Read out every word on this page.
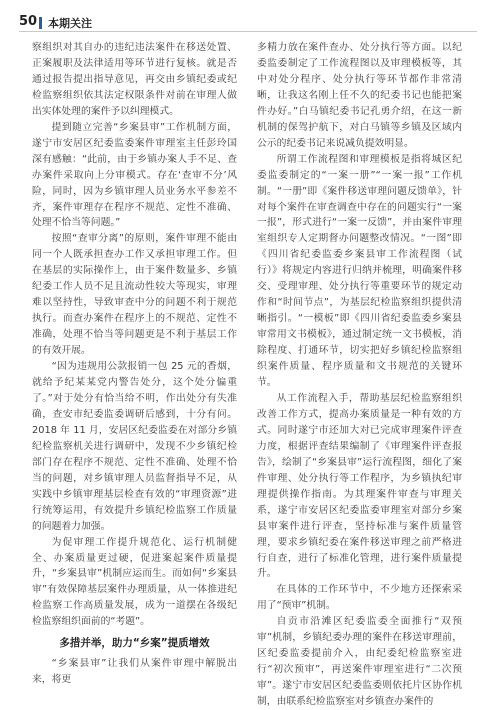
50 本期关注

察组织对其自办的违纪违法案件在移送处置、正案履职及法律适用等环节进行复核。就是否通过报告提出指导意见，再交由乡镇纪委或纪检监察组织依其法定权限条件对前在审理人做出实体处理的案件予以纠理模式。

提到随立完善“乡案县审”工作机制方面，遂宁市安居区纪委监委案件审理室主任彭玲国深有感触：“此前，由于乡镇办案人手不足、查办案件采取向上分审模式。存在‘查审不分’风险，同时，因为乡镇审理人员业务水平参差不齐，案件审理存在程序不规范、定性不准确、处理不恰当等问题。”

按照“查审分离”的原则，案件审理不能由同一个人既承担查办工作又承担审理工作。但在基层的实际操作上，由于案件数量多、乡镇纪委工作人员不足且流动性较大等现实，审理难以坚持性，导致审查中分的问题不利于规范执行。而查办案件在程序上的不规范、定性不准确，处理不恰当等问题更是不利于基层工作的有效开展。

“因为违规用公款报销一包 25 元的香烟，就给予纪某某党内警告处分，这个处分偏重了。”对于处分有恰当给不明，作出处分有失准确，查安市纪委监委调研后感到，十分有问。2018 年 11 月，安居区纪委监委在对部分乡镇纪检监察机关进行调研中，发现不少乡镇纪检部门存在程序不规范、定性不准确、处理不恰当的问题，对乡镇审理人员监督指导不足，从实践中乡镇审理基层检查有效的“审理资源”进行统筹运用，有效提升乡镇纪检监察工作质量的问题着力加强。

为促审理工作提升规范化、运行机制健全、办案质量更过硬，促进案起案件质量提升，“乡案县审”机制应运而生。而如何“乡案县审”有效保障基层案件办理质量，从一体推进纪检监察工作高质量发展，成为一道摆在各级纪检监察组织面前的“考题”。

多措并举，助力“乡案”提质增效

“乡案县审”让我们从案件审理中解脱出来，将更

多精力放在案件查办、处分执行等方面。以纪委监委制定了工作流程图以及审理模板等，其中对处分程序、处分执行等环节都作非常清晰，让我这名刚上任不久的纪委书记也能把案件办好。”白马镇纪委书记孔勇介绍，在这一新机制的保驾护航下，对白马镇等乡镇及区域内公示的纪委书记来说减负提效明显。

所谓工作流程图和审理模板是指将城区纪委监委制定的“一案一册”“一案一报”工作机制。“一册”即《案件移送审理问题反馈单》，针对每个案件在审查调查中存在的问题实行“一案一报”，形式进行“一案一反馈”，并由案件审理室组织专人定期督办问题整改情况。“一图”即《四川省纪委监委乡案县审工作流程图（试行）》将规定内容进行归纳并梳理，明确案件移交、受理审理、处分执行等重要环节的规定动作和“时间节点”，为基层纪检监察组织提供清晰指引。“一模板”即《四川省纪委监委乡案县审常用文书模板》，通过制定统一文书模板，消除程度、打通环节，切实把好乡镇纪检监察组织案件质量、程序质量和文书规范的关键环节。

从工作流程入手，帮助基层纪检监察组织改善工作方式，提高办案质量是一种有效的方式。同时遂宁市还加大对已完成审理案件评查力度，根据评查结果编制了《审理案件评查报告》，绘制了“乡案县审”运行流程图，细化了案件审理、处分执行等工作程序，为乡镇执纪审理提供操作指南。为其理案件审查与审理关系，遂宁市安居区纪委监委审理室对部分乡案县审案件进行评查，坚持标准与案件质量管理，要求乡镇纪委在案件移送审理之前严格进行自查，进行了标准化管理，进行案件质量提升。

在具体的工作环节中，不少地方还探索采用了“预审”机制。

自贡市沿滩区纪委监委全面推行“双预审”机制，乡镇纪委办理的案件在移送审理前，区纪委监委提前介入，由纪委纪检监察室进行“初次预审”，再送案件审理室进行“二次预审”。遂宁市安居区纪委监委则依托片区协作机制，由联系纪检监察室对乡镇查办案件的
